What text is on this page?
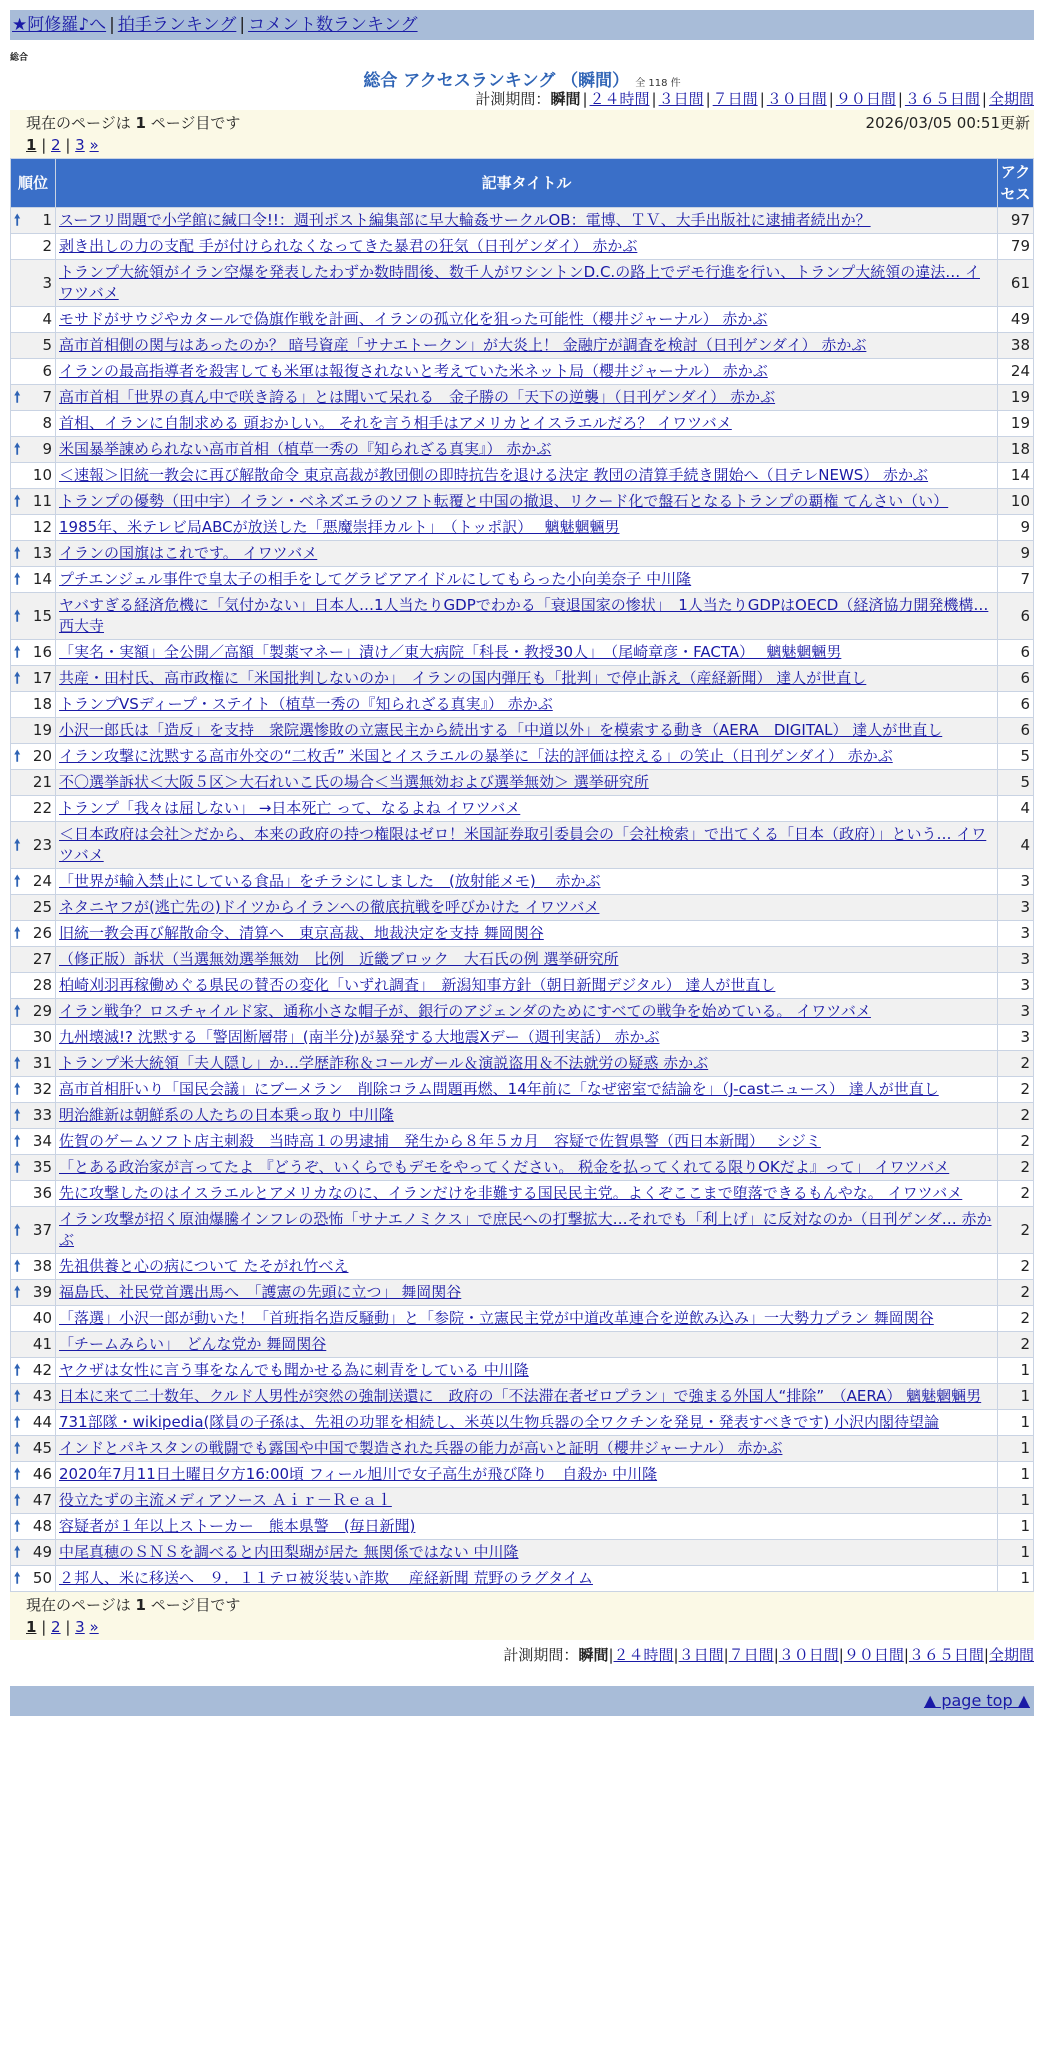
★阿修羅♪へ | 拍手ランキング | コメント数ランキング
総合
総合 アクセスランキング （瞬間） 全 118 件
計測期間：瞬間 | ２４時間 | ３日間 | ７日間 | ３０日間 | ９０日間 | ３６５日間 | 全期間
現在のページは 1 ページ目です	2026/03/05 00:51更新
1 | 2 | 3 »
順位	記事タイトル	アクセス

🠕 1	スーフリ問題で小学館に緘口令!!：週刊ポスト編集部に早大輪姦サークルOB：電博、ＴＶ、大手出版社に逮捕者続出か？	97
2	剥き出しの力の支配 手が付けられなくなってきた暴君の狂気（日刊ゲンダイ） 赤かぶ	79
3	トランプ大統領がイラン空爆を発表したわずか数時間後、数千人がワシントンD.C.の路上でデモ行進を行い、トランプ大統領の違法… イワツバメ	61
4	モサドがサウジやカタールで偽旗作戦を計画、イランの孤立化を狙った可能性（櫻井ジャーナル） 赤かぶ	49
5	高市首相側の関与はあったのか？ 暗号資産「サナエトークン」が大炎上！ 金融庁が調査を検討（日刊ゲンダイ） 赤かぶ	38
6	イランの最高指導者を殺害しても米軍は報復されないと考えていた米ネット局（櫻井ジャーナル） 赤かぶ	24

🠕 7	高市首相「世界の真ん中で咲き誇る」とは聞いて呆れる　金子勝の「天下の逆襲」（日刊ゲンダイ） 赤かぶ	19
8	首相、イランに自制求める 頭おかしい。 それを言う相手はアメリカとイスラエルだろ？ イワツバメ	19

🠕 9	米国暴挙諌められない高市首相（植草一秀の『知られざる真実』） 赤かぶ	18
10	＜速報＞旧統一教会に再び解散命令 東京高裁が教団側の即時抗告を退ける決定 教団の清算手続き開始へ（日テレNEWS） 赤かぶ	14

🠕 11	トランプの優勢（田中宇）イラン・ベネズエラのソフト転覆と中国の撤退、リクード化で盤石となるトランプの覇権 てんさい（い）	10
12	1985年、米テレビ局ABCが放送した「悪魔崇拝カルト」　（トッポ訳）　 魑魅魍魎男	9

🠕 13	イランの国旗はこれです。 イワツバメ	9

🠕 14	プチエンジェル事件で皇太子の相手をしてグラビアアイドルにしてもらった小向美奈子 中川隆	7

🠕 15	ヤバすぎる経済危機に「気付かない」日本人…1人当たりGDPでわかる「衰退国家の惨状」　1人当たりGDPはOECD（経済協力開発機構… 西大寺	6

🠕 16	「実名・実額」全公開／高額「製薬マネー」漬け／東大病院「科長・教授30人」　（尾崎章彦・FACTA）　 魑魅魍魎男	6

🠕 17	共産・田村氏、高市政権に「米国批判しないのか」　イランの国内弾圧も「批判」で停止訴え（産経新聞） 達人が世直し	6
18	トランプVSディープ・ステイト（植草一秀の『知られざる真実』） 赤かぶ	6
19	小沢一郎氏は「造反」を支持　衆院選惨敗の立憲民主から続出する「中道以外」を模索する動き（AERA　DIGITAL） 達人が世直し	6

🠕 20	イラン攻撃に沈黙する高市外交の“二枚舌” 米国とイスラエルの暴挙に「法的評価は控える」の笑止（日刊ゲンダイ） 赤かぶ	5
21	不〇選挙訴状＜大阪５区＞大石れいこ氏の場合＜当選無効および選挙無効＞ 選挙研究所	5
22	トランプ「我々は屈しない」 →日本死亡 って、なるよね イワツバメ	4

🠕 23	＜日本政府は会社＞だから、本来の政府の持つ権限はゼロ！米国証券取引委員会の「会社検索」で出てくる「日本（政府）」という… イワツバメ	4

🠕 24	「世界が輸入禁止にしている食品」をチラシにしました　(放射能メモ)　 赤かぶ	3
25	ネタニヤフが(逃亡先の)ドイツからイランへの徹底抗戦を呼びかけた イワツバメ	3

🠕 26	旧統一教会再び解散命令、清算へ　東京高裁、地裁決定を支持 舞岡関谷	3
27	（修正版）訴状（当選無効選挙無効　比例　近畿ブロック　大石氏の例 選挙研究所	3
28	柏崎刈羽再稼働めぐる県民の賛否の変化「いずれ調査」　新潟知事方針（朝日新聞デジタル） 達人が世直し	3

🠕 29	イラン戦争？ロスチャイルド家、通称小さな帽子が、銀行のアジェンダのためにすべての戦争を始めている。 イワツバメ	3
30	九州壊滅!? 沈黙する「警固断層帯」(南半分)が暴発する大地震Xデー（週刊実話） 赤かぶ	3

🠕 31	トランプ米大統領「夫人隠し」か…学歴詐称＆コールガール＆演説盗用＆不法就労の疑惑 赤かぶ	2

🠕 32	高市首相肝いり「国民会議」にブーメラン　削除コラム問題再燃、14年前に「なぜ密室で結論を」（J-castニュース） 達人が世直し	2

🠕 33	明治維新は朝鮮系の人たちの日本乗っ取り 中川隆	2

🠕 34	佐賀のゲームソフト店主刺殺　当時高１の男逮捕　発生から８年５カ月　容疑で佐賀県警（西日本新聞）　 シジミ	2

🠕 35	「とある政治家が言ってたよ 『どうぞ、いくらでもデモをやってください。 税金を払ってくれてる限りOKだよ』って」 イワツバメ	2
36	先に攻撃したのはイスラエルとアメリカなのに、イランだけを非難する国民民主党。よくぞここまで堕落できるもんやな。 イワツバメ	2

🠕 37	イラン攻撃が招く原油爆騰インフレの恐怖「サナエノミクス」で庶民への打撃拡大…それでも「利上げ」に反対なのか（日刊ゲンダ… 赤かぶ	2

🠕 38	先祖供養と心の病について たそがれ竹べえ	2

🠕 39	福島氏、社民党首選出馬へ　「護憲の先頭に立つ」 舞岡関谷	2
40	「落選」小沢一郎が動いた！「首班指名造反騒動」と「参院・立憲民主党が中道改革連合を逆飲み込み」一大勢力プラン 舞岡関谷	2
41	「チームみらい」　どんな党か 舞岡関谷	2

🠕 42	ヤクザは女性に言う事をなんでも聞かせる為に刺青をしている 中川隆	1

🠕 43	日本に来て二十数年、クルド人男性が突然の強制送還に　政府の「不法滞在者ゼロプラン」で強まる外国人“排除”　（AERA） 魑魅魍魎男	1

🠕 44	731部隊・wikipedia(隊員の子孫は、先祖の功罪を相続し、米英以生物兵器の全ワクチンを発見・発表すべきです) 小沢内閣待望論	1

🠕 45	インドとパキスタンの戦闘でも露国や中国で製造された兵器の能力が高いと証明（櫻井ジャーナル） 赤かぶ	1

🠕 46	2020年7月11日土曜日夕方16:00頃 フィール旭川で女子高生が飛び降り　自殺か 中川隆	1

🠕 47	役立たずの主流メディアソース Ａｉｒ－Ｒｅａｌ	1

🠕 48	容疑者が１年以上ストーカー　熊本県警　(毎日新聞)	1

🠕 49	中尾真穂のＳＮＳを調べると内田梨瑚が居た 無関係ではない 中川隆	1

🠕 50	２邦人、米に移送へ　９．１１テロ被災装い詐欺　 産経新聞 荒野のラグタイム	1
現在のページは 1 ページ目です
1 | 2 | 3 »
計測期間：瞬間|２４時間|３日間|７日間|３０日間|９０日間|３６５日間|全期間
▲ page top ▲
